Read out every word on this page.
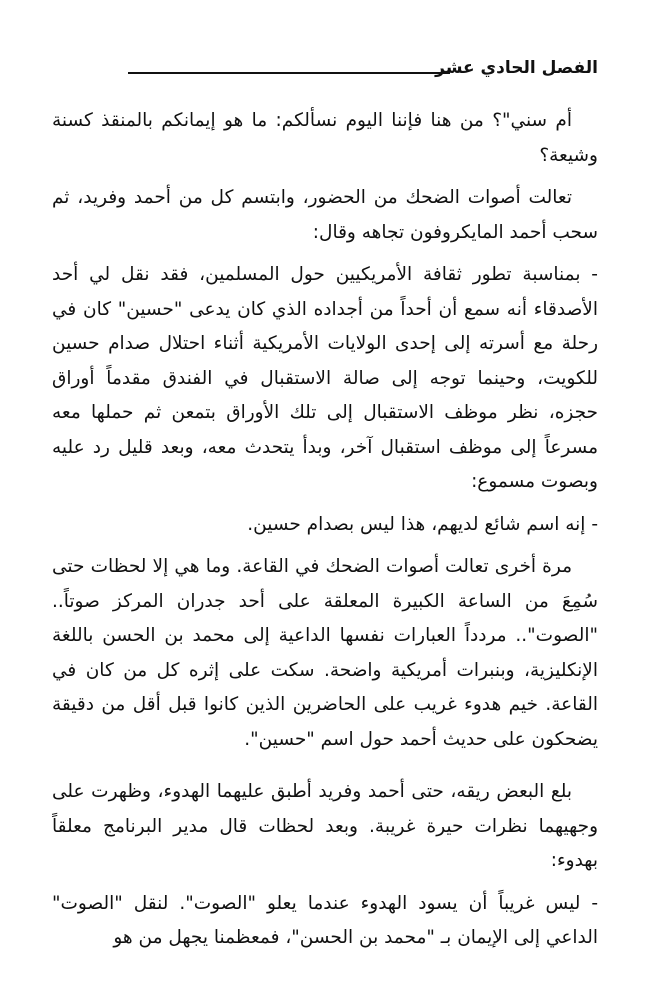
الفصل الحادي عشر

أم سني"؟ من هنا فإننا اليوم نسألكم: ما هو إيمانكم بالمنقذ كسنة وشيعة؟

تعالت أصوات الضحك من الحضور، وابتسم كل من أحمد وفريد، ثم سحب أحمد المايكروفون تجاهه وقال:

- بمناسبة تطور ثقافة الأمريكيين حول المسلمين، فقد نقل لي أحد الأصدقاء أنه سمع أن أحداً من أجداده الذي كان يدعى "حسين" كان في رحلة مع أسرته إلى إحدى الولايات الأمريكية أثناء احتلال صدام حسين للكويت، وحينما توجه إلى صالة الاستقبال في الفندق مقدماً أوراق حجزه، نظر موظف الاستقبال إلى تلك الأوراق بتمعن ثم حملها معه مسرعاً إلى موظف استقبال آخر، وبدأ يتحدث معه، وبعد قليل رد عليه وبصوت مسموع:

- إنه اسم شائع لديهم، هذا ليس بصدام حسين.

مرة أخرى تعالت أصوات الضحك في القاعة. وما هي إلا لحظات حتى سُمِعَ من الساعة الكبيرة المعلقة على أحد جدران المركز صوتاً.. "الصوت".. مردداً العبارات نفسها الداعية إلى محمد بن الحسن باللغة الإنكليزية، وبنبرات أمريكية واضحة. سكت على إثره كل من كان في القاعة. خيم هدوء غريب على الحاضرين الذين كانوا قبل أقل من دقيقة يضحكون على حديث أحمد حول اسم "حسين".

بلع البعض ريقه، حتى أحمد وفريد أطبق عليهما الهدوء، وظهرت على وجهيهما نظرات حيرة غريبة. وبعد لحظات قال مدير البرنامج معلقاً بهدوء:

- ليس غريباً أن يسود الهدوء عندما يعلو "الصوت". لنقل "الصوت" الداعي إلى الإيمان بـ "محمد بن الحسن"، فمعظمنا يجهل من هو
